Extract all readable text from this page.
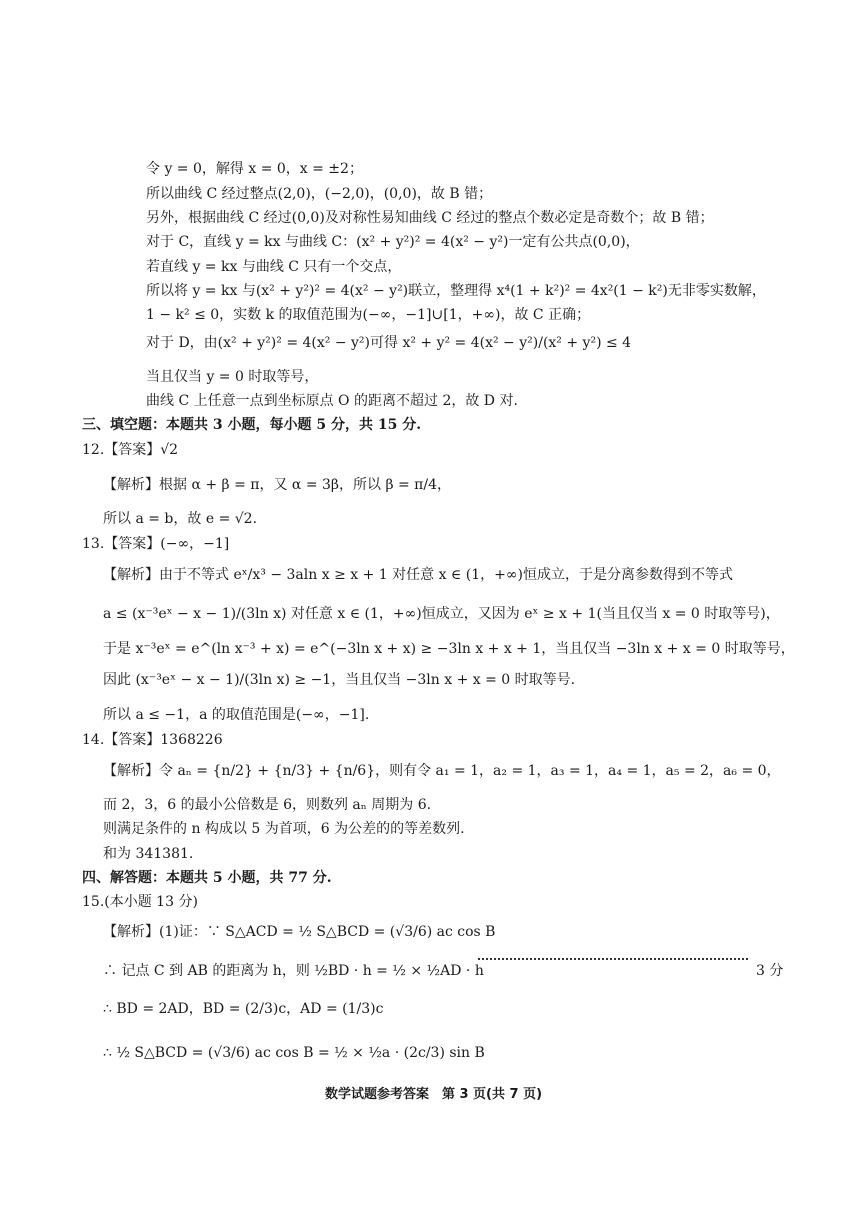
令 y = 0，解得 x = 0，x = ±2；
所以曲线 C 经过整点(2,0)，(−2,0)，(0,0)，故 B 错；
另外，根据曲线 C 经过(0,0)及对称性易知曲线 C 经过的整点个数必定是奇数个；故 B 错；
对于 C，直线 y = kx 与曲线 C：(x² + y²)² = 4(x² − y²)一定有公共点(0,0)，
若直线 y = kx 与曲线 C 只有一个交点，
所以将 y = kx 与(x² + y²)² = 4(x² − y²)联立，整理得 x⁴(1 + k²)² = 4x²(1 − k²)无非零实数解，
1 − k² ≤ 0，实数 k 的取值范围为(−∞，−1]∪[1，+∞)，故 C 正确；
对于 D，由(x² + y²)² = 4(x² − y²)可得 x² + y² = 4(x² − y²)/(x² + y²) ≤ 4
当且仅当 y = 0 时取等号，
曲线 C 上任意一点到坐标原点 O 的距离不超过 2，故 D 对.
三、填空题：本题共 3 小题，每小题 5 分，共 15 分.
12.【答案】√2
【解析】根据 α + β = π，又 α = 3β，所以 β = π/4，
所以 a = b，故 e = √2.
13.【答案】(−∞，−1]
【解析】由于不等式 eˣ/x³ − 3aln x ≥ x + 1 对任意 x ∈ (1，+∞)恒成立，于是分离参数得到不等式
a ≤ (x⁻³eˣ − x − 1)/(3ln x) 对任意 x ∈ (1，+∞)恒成立，又因为 eˣ ≥ x + 1(当且仅当 x = 0 时取等号)，
于是 x⁻³eˣ = e^(ln x⁻³ + x) = e^(−3ln x + x) ≥ −3ln x + x + 1，当且仅当 −3ln x + x = 0 时取等号，
因此 (x⁻³eˣ − x − 1)/(3ln x) ≥ −1，当且仅当 −3ln x + x = 0 时取等号.
所以 a ≤ −1，a 的取值范围是(−∞，−1].
14.【答案】1368226
【解析】令 aₙ = {n/2} + {n/3} + {n/6}，则有令 a₁ = 1，a₂ = 1，a₃ = 1，a₄ = 1，a₅ = 2，a₆ = 0，
而 2，3，6 的最小公倍数是 6，则数列 aₙ 周期为 6.
则满足条件的 n 构成以 5 为首项，6 为公差的的等差数列.
和为 341381.
四、解答题：本题共 5 小题，共 77 分.
15.(本小题 13 分)
【解析】(1)证：∵ S△ACD = ½ S△BCD = (√3/6) ac cos B
∴ 记点 C 到 AB 的距离为 h，则 ½BD · h = ½ × ½AD · h	3 分
∴ BD = 2AD，BD = (2/3)c，AD = (1/3)c
∴ ½ S△BCD = (√3/6) ac cos B = ½ × ½a · (2c/3) sin B
数学试题参考答案　第 3 页(共 7 页)
